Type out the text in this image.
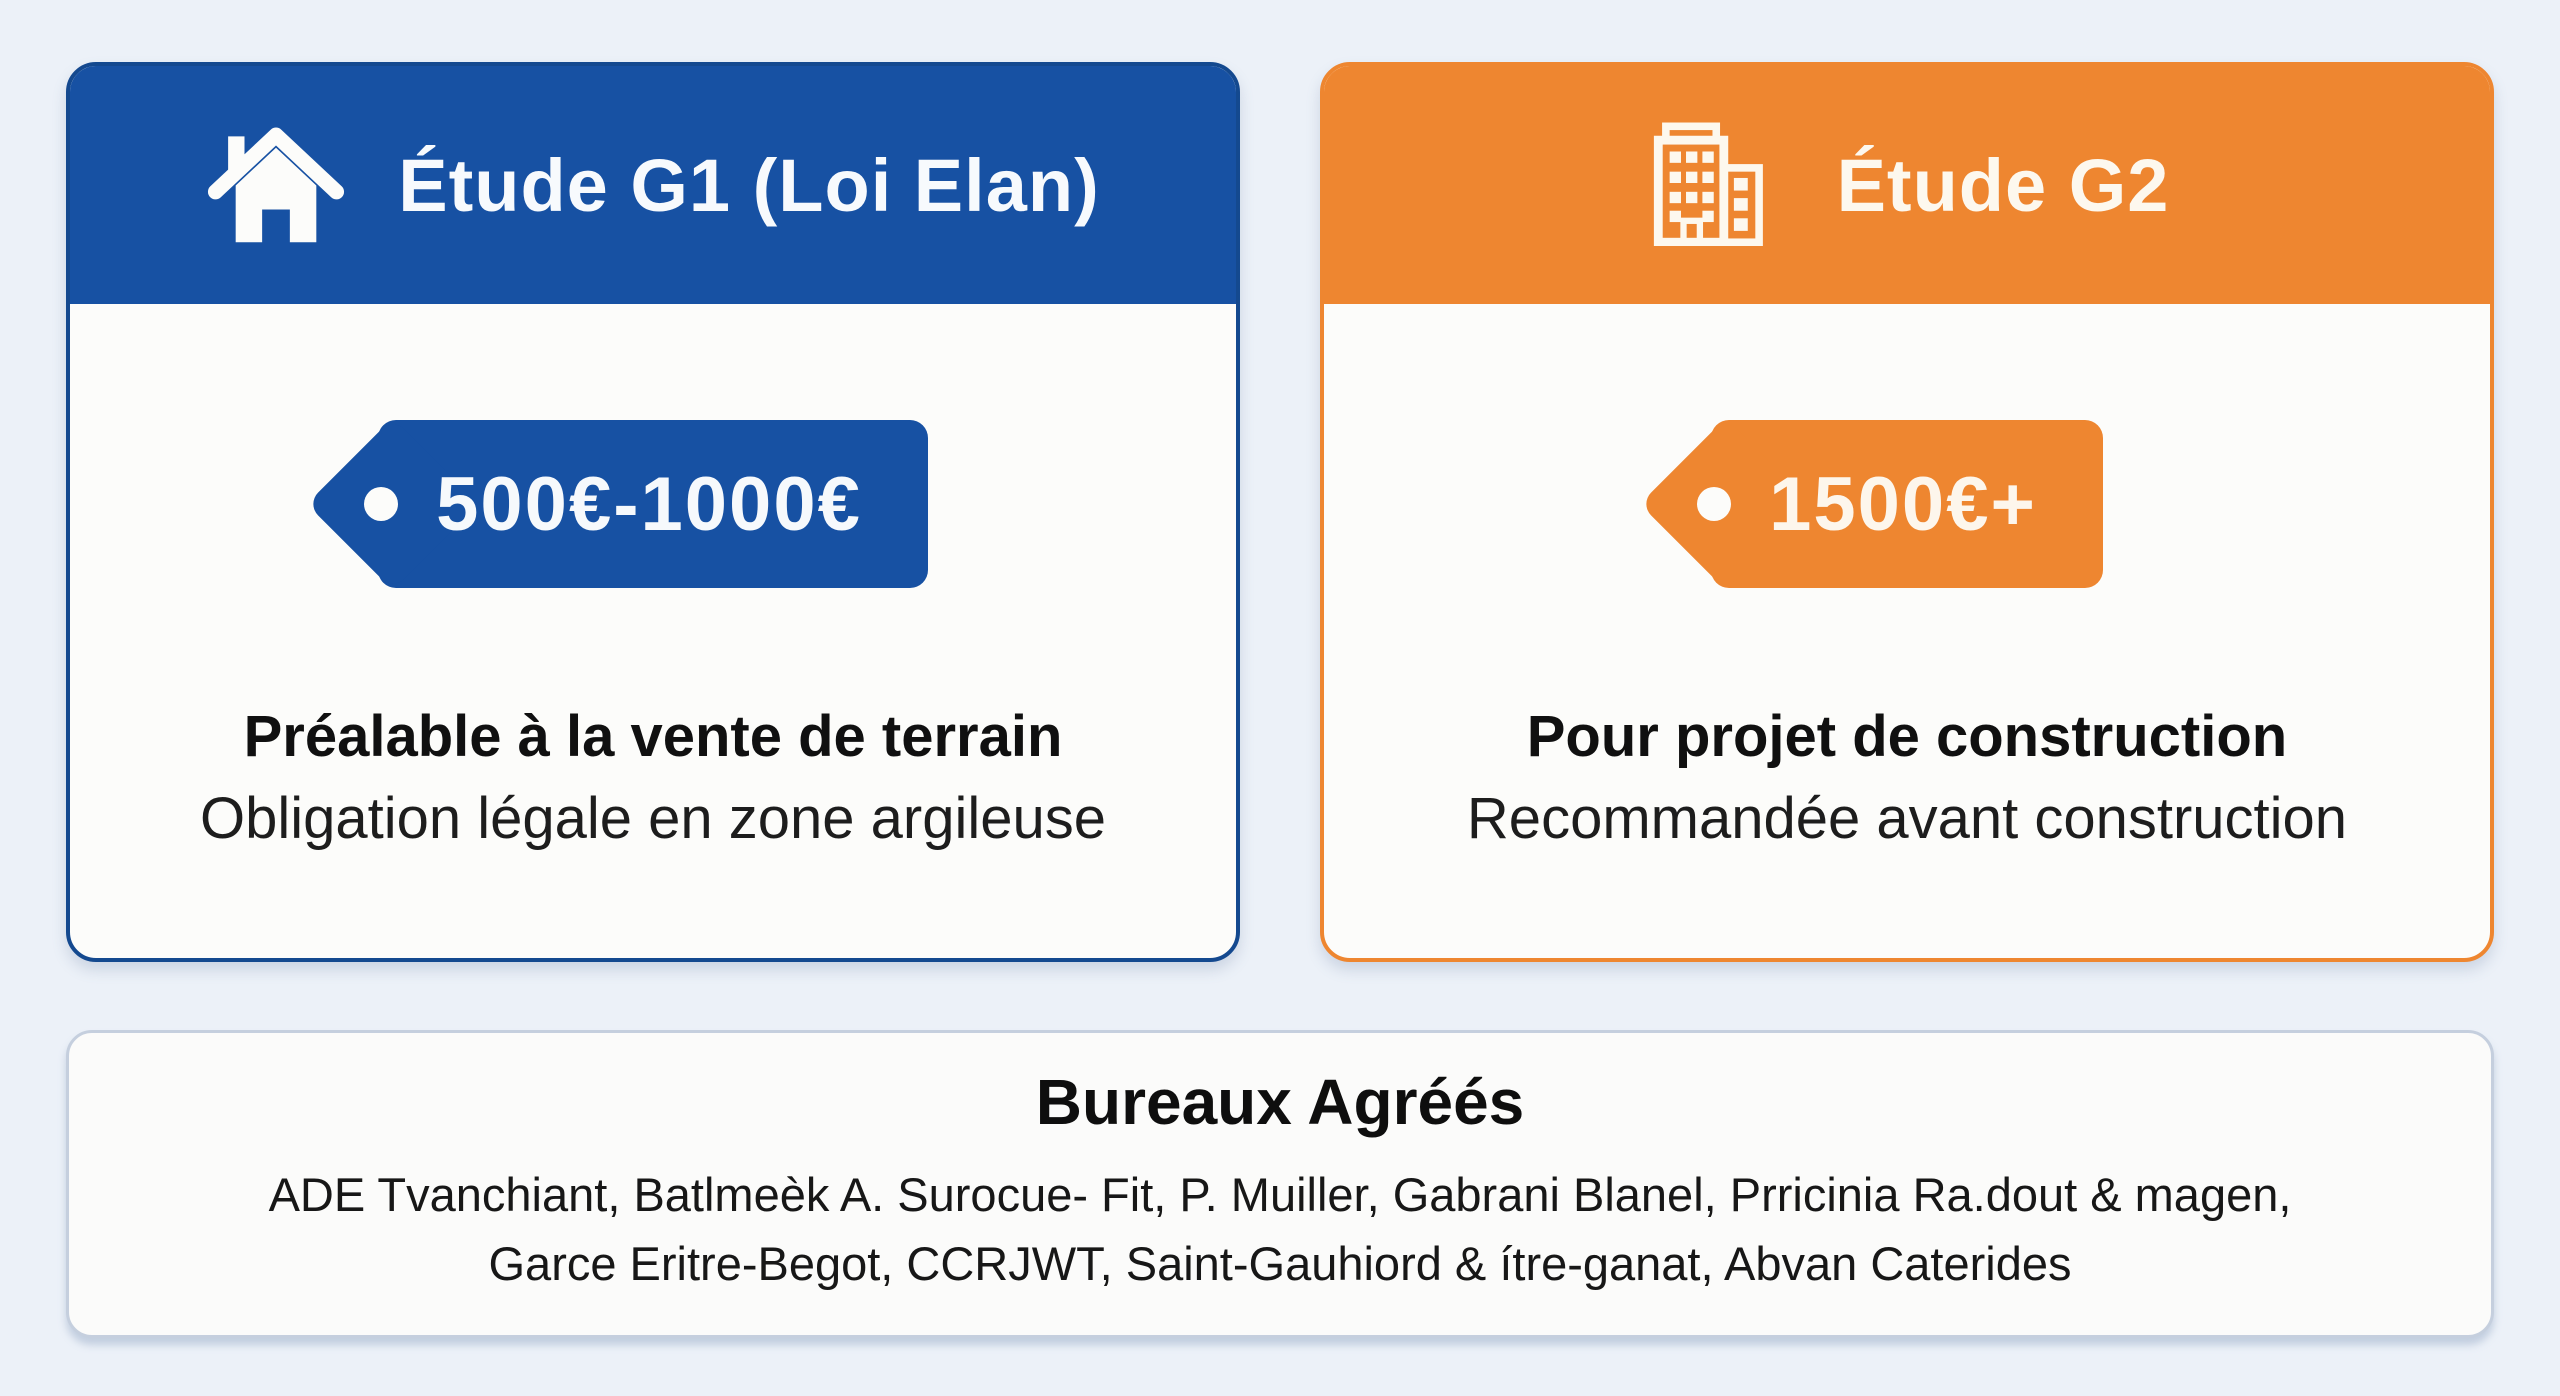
Étude G1 (Loi Elan)
500€-1000€
Préalable à la vente de terrain
Obligation légale en zone argileuse
Étude G2
1500€+
Pour projet de construction
Recommandée avant construction
Bureaux Agréés
ADE Tvanchiant, Batlmeèk A. Surocue- Fit, P. Muiller, Gabrani Blanel, Prricinia Ra.dout & magen,
Garce Eritre-Begot, CCRJWT, Saint-Gauhiord & ítre-ganat, Abvan Caterides
